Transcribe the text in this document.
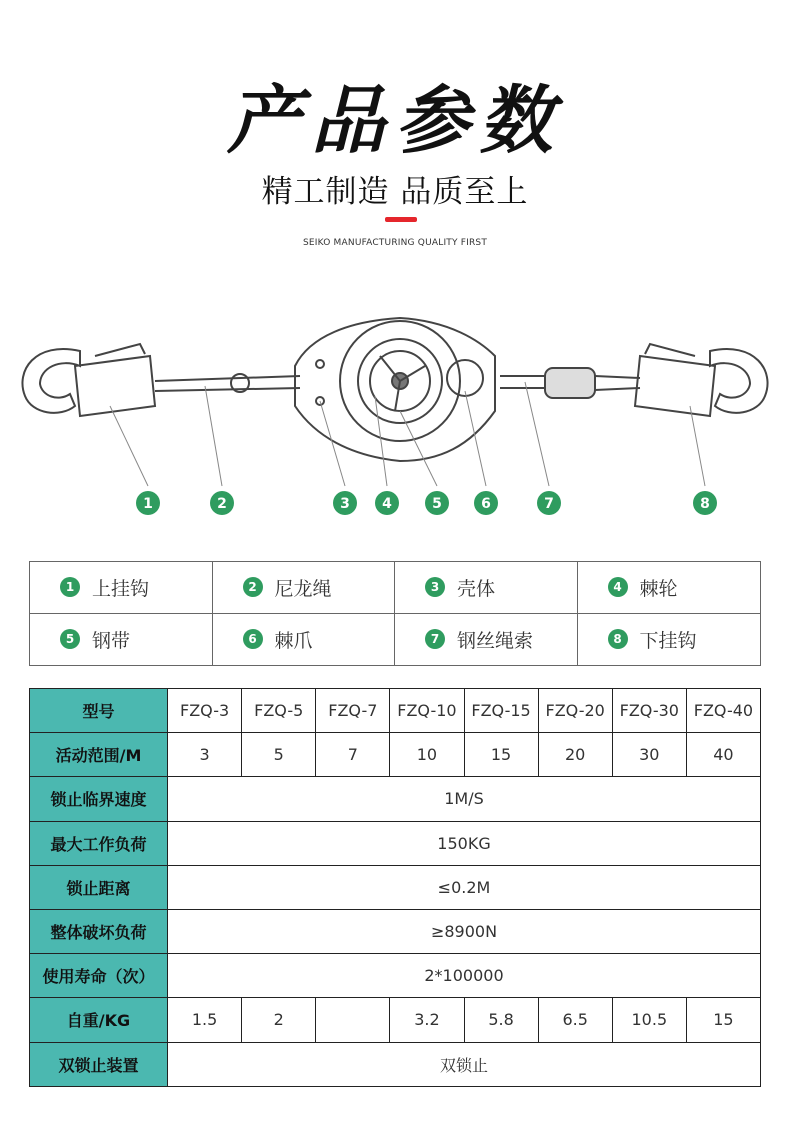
产品参数
精工制造 品质至上
SEIKO MANUFACTURING QUALITY FIRST
1	2	3 4	5	6	7	8
1 上挂钩	2 尼龙绳	3 壳体	4 棘轮
5 钢带	6 棘爪	7 钢丝绳索	8 下挂钩
型号	FZQ-3	FZQ-5	FZQ-7	FZQ-10	FZQ-15	FZQ-20	FZQ-30	FZQ-40
活动范围/M	3	5	7	10	15	20	30	40
锁止临界速度	1M/S							
最大工作负荷	150KG							
锁止距离	≤0.2M							
整体破坏负荷	≥8900N							
使用寿命（次）	2*100000							
自重/KG	1.5	2		3.2	5.8	6.5	10.5	15
双锁止装置	双锁止							
